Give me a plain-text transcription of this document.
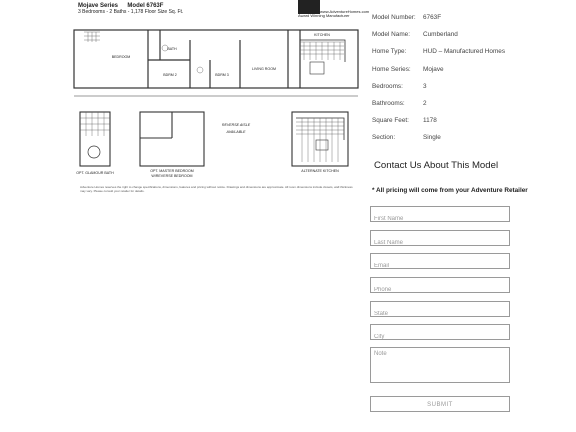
Mojave Series Model 6763F
3 Bedrooms - 2 Baths - 1,178 Floor Size Sq. Ft.	www.AdventureHomes.com
Award Winning Manufacturer
BEDROOM
BATH
BDRM 2	BDRM 3
LIVING ROOM
KITCHEN
OPT. GLAMOUR BATH	OPT. MASTER BEDROOM
W/REVERSE BEDROOM
REVERSE AISLE
AVAILABLE
ALTERNATE KITCHEN
Adventure Homes reserves the right to change specifications, dimensions, features and pricing without notice. Drawings and dimensions are approximate. All room dimensions include closets, wall thickness may vary. Please consult your retailer for details.
Model Number: 6763F
Model Name: Cumberland
Home Type:	HUD – Manufactured Homes
Home Series: Mojave
Bedrooms:	3
Bathrooms:	2
Square Feet: 1178
Section:	Single
Contact Us About This Model
* All pricing will come from your Adventure Retailer
First Name
Last Name
Email
Phone
State
City
Note
SUBMIT
